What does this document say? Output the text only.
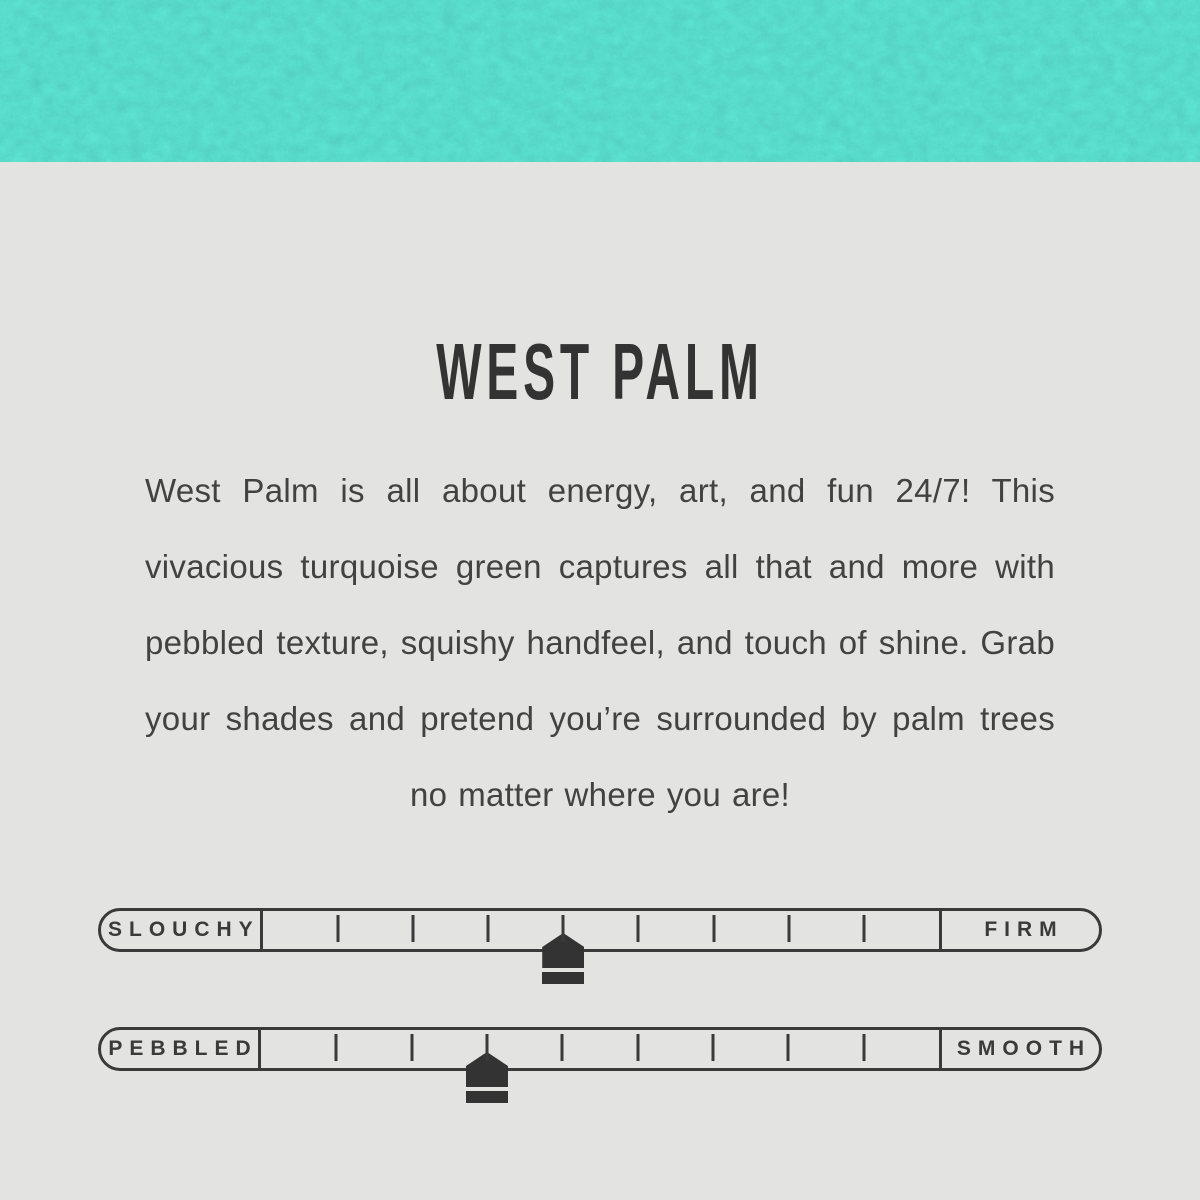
WEST PALM

West Palm is all about energy, art, and fun 24/7! This vivacious turquoise green captures all that and more with pebbled texture, squishy handfeel, and touch of shine. Grab your shades and pretend you’re surrounded by palm trees no matter where you are!

SLOUCHY	FIRM
PEBBLED	SMOOTH
